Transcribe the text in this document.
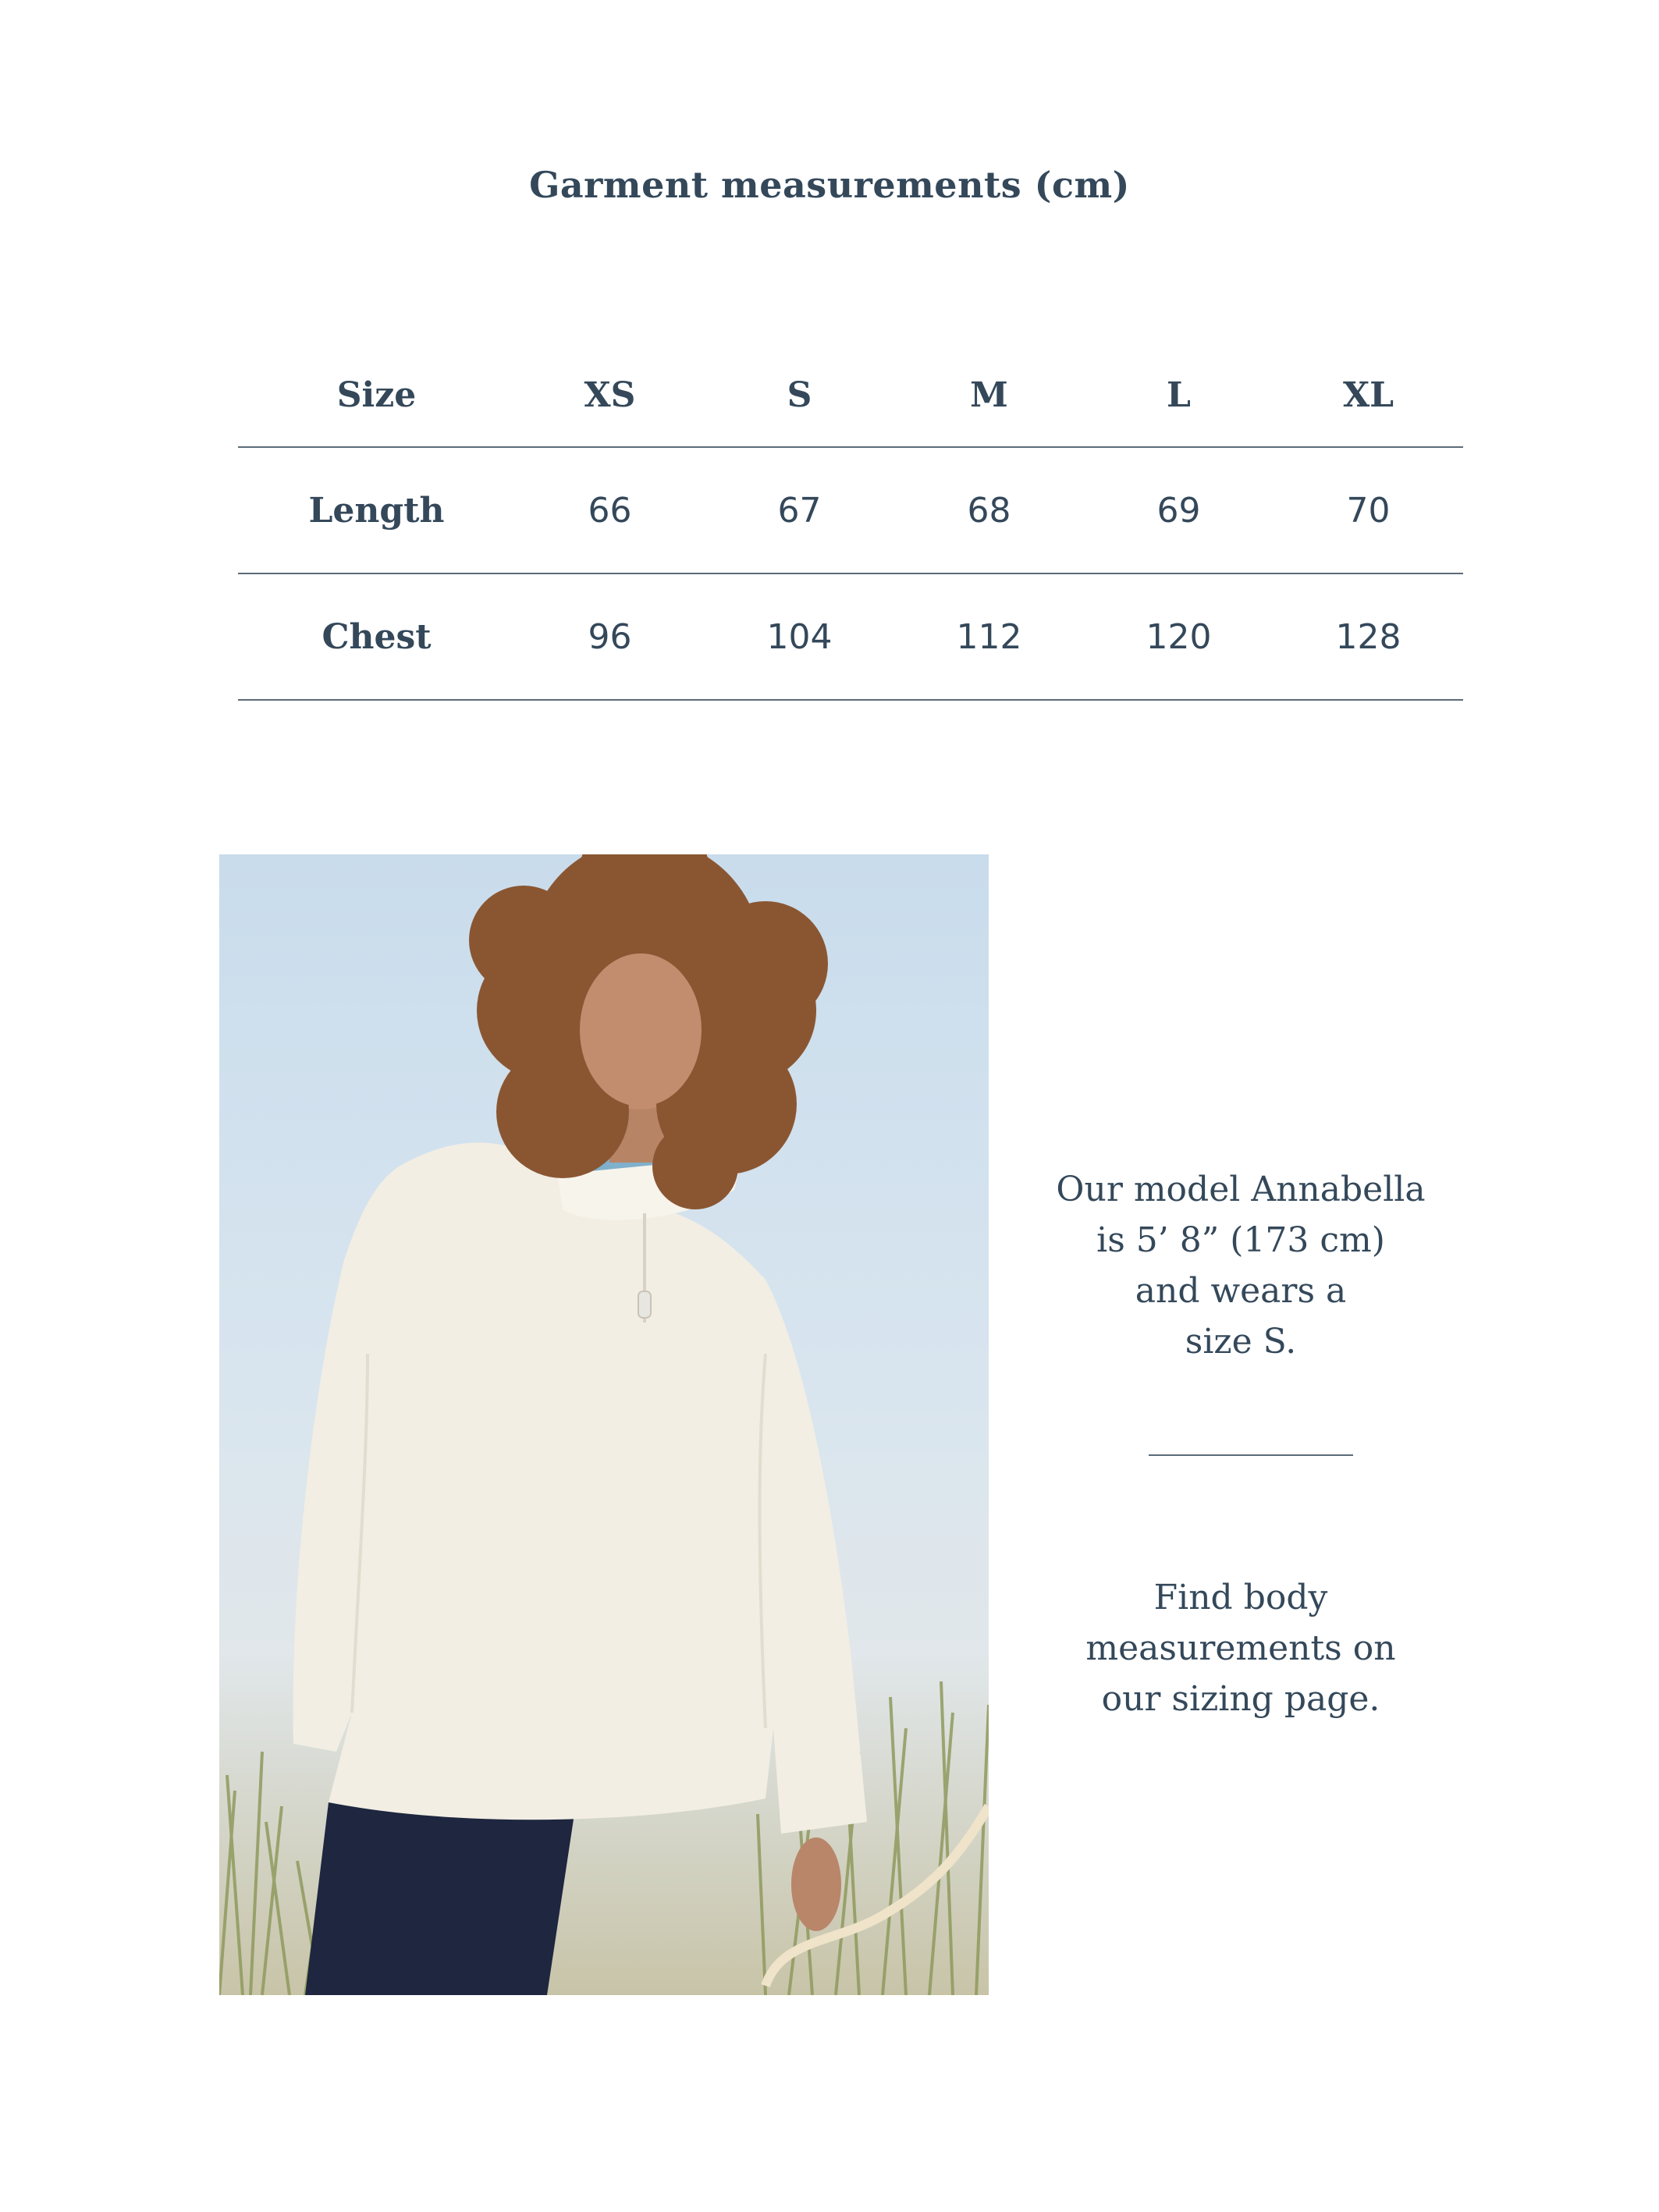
Garment measurements (cm)
Size	XS	S	M	L	XL
Length	66	67	68	69	70
Chest	96	104	112	120	128
Our model Annabella
is 5’ 8” (173 cm)
and wears a
size S.
Find body
measurements on
our sizing page.
